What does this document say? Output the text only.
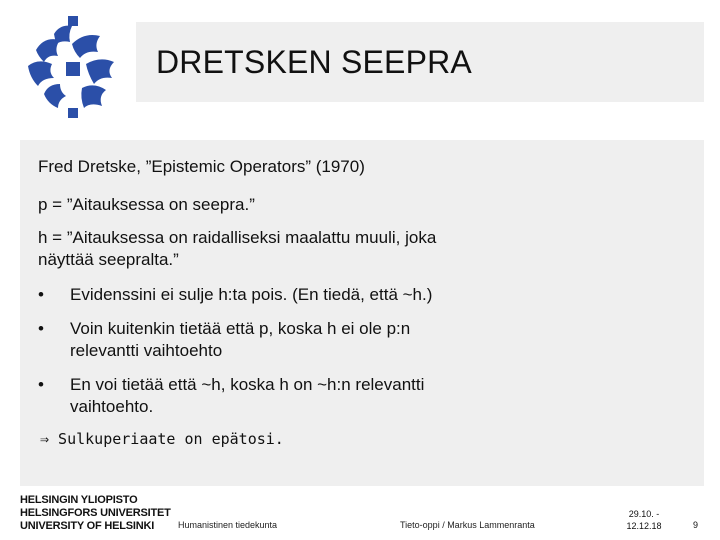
DRETSKEN SEEPRA

Fred Dretske, ”Epistemic Operators” (1970)

p = ”Aitauksessa on seepra.”

h = ”Aitauksessa on raidalliseksi maalattu muuli, joka

näyttää seepralta.”

• Evidenssini ei sulje h:ta pois. (En tiedä, että ~h.)

• Voin kuitenkin tietää että p, koska h ei ole p:n

relevantti vaihtoehto

• En voi tietää että ~h, koska h on ~h:n relevantti

vaihtoehto.

⇒ Sulkuperiaate on epätosi.
HELSINGIN YLIOPISTO
HELSINGFORS UNIVERSITET
UNIVERSITY OF HELSINKI	Humanistinen tiedekunta	Tieto-oppi / Markus Lammenranta
29.10. -
12.12.18	9
